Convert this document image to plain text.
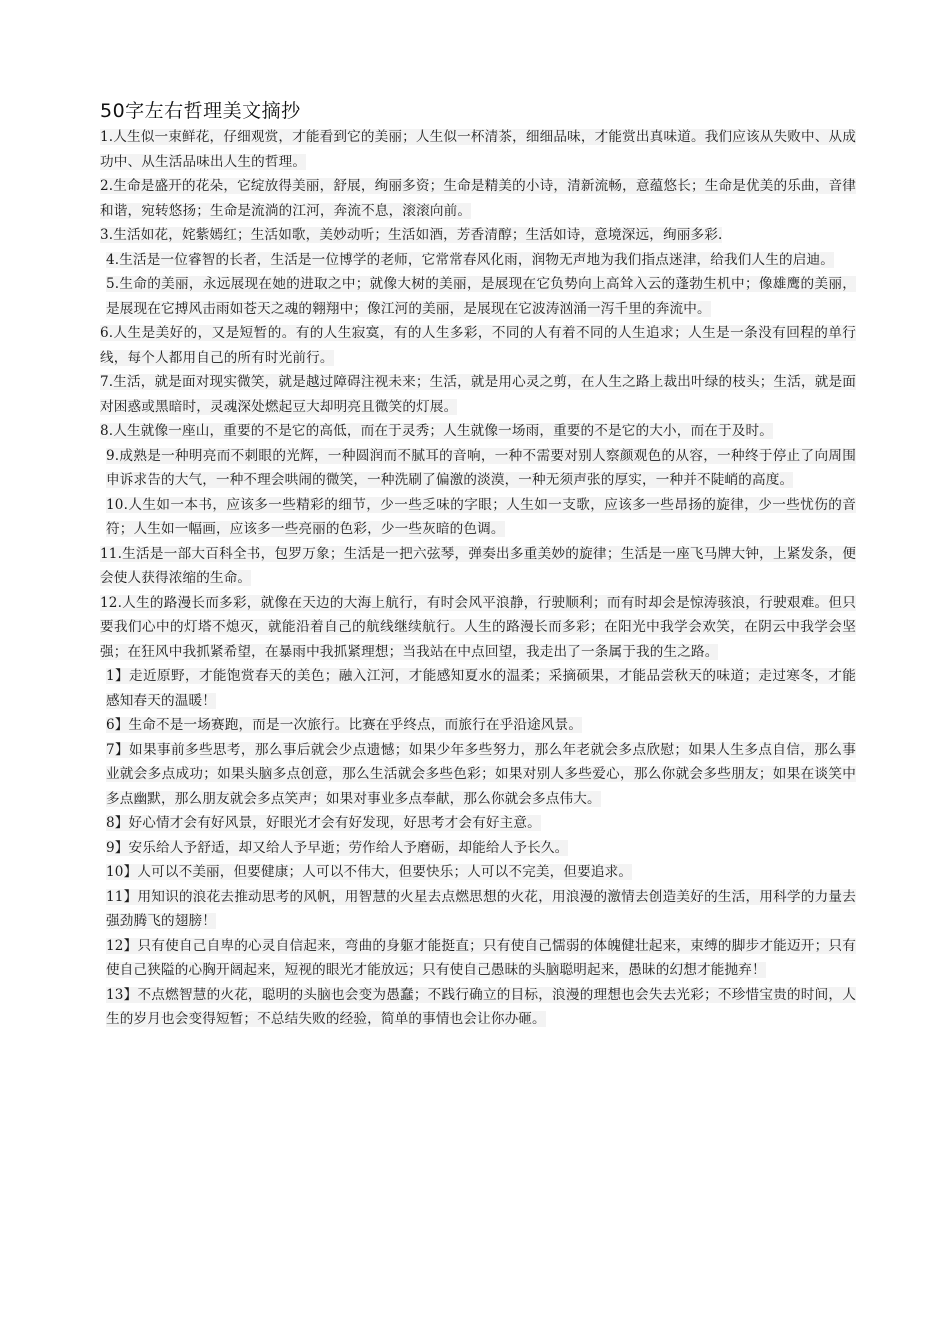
50字左右哲理美文摘抄

1.人生似一束鲜花，仔细观赏，才能看到它的美丽；人生似一杯清茶，细细品味，才能赏出真味道。我们应该从失败中、从成功中、从生活品味出人生的哲理。

2.生命是盛开的花朵，它绽放得美丽，舒展，绚丽多资；生命是精美的小诗，清新流畅，意蕴悠长；生命是优美的乐曲，音律和谐，宛转悠扬；生命是流淌的江河，奔流不息，滚滚向前。

3.生活如花，姹紫嫣红；生活如歌，美妙动听；生活如酒，芳香清醇；生活如诗，意境深远，绚丽多彩.

4.生活是一位睿智的长者，生活是一位博学的老师，它常常春风化雨，润物无声地为我们指点迷津，给我们人生的启迪。

5.生命的美丽，永远展现在她的进取之中；就像大树的美丽，是展现在它负势向上高耸入云的蓬勃生机中；像雄鹰的美丽，是展现在它搏风击雨如苍天之魂的翱翔中；像江河的美丽，是展现在它波涛汹涌一泻千里的奔流中。

6.人生是美好的，又是短暂的。有的人生寂寞，有的人生多彩，不同的人有着不同的人生追求；人生是一条没有回程的单行线，每个人都用自己的所有时光前行。

7.生活，就是面对现实微笑，就是越过障碍注视未来；生活，就是用心灵之剪，在人生之路上裁出叶绿的枝头；生活，就是面对困惑或黑暗时，灵魂深处燃起豆大却明亮且微笑的灯展。

8.人生就像一座山，重要的不是它的高低，而在于灵秀；人生就像一场雨，重要的不是它的大小，而在于及时。

9.成熟是一种明亮而不刺眼的光辉，一种圆润而不腻耳的音响，一种不需要对别人察颜观色的从容，一种终于停止了向周围申诉求告的大气，一种不理会哄闹的微笑，一种洗刷了偏激的淡漠，一种无须声张的厚实，一种并不陡峭的高度。

10.人生如一本书，应该多一些精彩的细节，少一些乏味的字眼；人生如一支歌，应该多一些昂扬的旋律，少一些忧伤的音符；人生如一幅画，应该多一些亮丽的色彩，少一些灰暗的色调。

11.生活是一部大百科全书，包罗万象；生活是一把六弦琴，弹奏出多重美妙的旋律；生活是一座飞马牌大钟，上紧发条，便会使人获得浓缩的生命。

12.人生的路漫长而多彩，就像在天边的大海上航行，有时会风平浪静，行驶顺利；而有时却会是惊涛骇浪，行驶艰难。但只要我们心中的灯塔不熄灭，就能沿着自己的航线继续航行。人生的路漫长而多彩；在阳光中我学会欢笑，在阴云中我学会坚强；在狂风中我抓紧希望，在暴雨中我抓紧理想；当我站在中点回望，我走出了一条属于我的生之路。

1】走近原野，才能饱赏春天的美色；融入江河，才能感知夏水的温柔；采摘硕果，才能品尝秋天的味道；走过寒冬，才能感知春天的温暖！

6】生命不是一场赛跑，而是一次旅行。比赛在乎终点，而旅行在乎沿途风景。

7】如果事前多些思考，那么事后就会少点遗憾；如果少年多些努力，那么年老就会多点欣慰；如果人生多点自信，那么事业就会多点成功；如果头脑多点创意，那么生活就会多些色彩；如果对别人多些爱心，那么你就会多些朋友；如果在谈笑中多点幽默，那么朋友就会多点笑声；如果对事业多点奉献，那么你就会多点伟大。

8】好心情才会有好风景，好眼光才会有好发现，好思考才会有好主意。

9】安乐给人予舒适，却又给人予早逝；劳作给人予磨砺，却能给人予长久。

10】人可以不美丽，但要健康；人可以不伟大，但要快乐；人可以不完美，但要追求。

11】用知识的浪花去推动思考的风帆，用智慧的火星去点燃思想的火花，用浪漫的激情去创造美好的生活，用科学的力量去强劲腾飞的翅膀！

12】只有使自己自卑的心灵自信起来，弯曲的身躯才能挺直；只有使自己懦弱的体魄健壮起来，束缚的脚步才能迈开；只有使自己狭隘的心胸开阔起来，短视的眼光才能放远；只有使自己愚昧的头脑聪明起来，愚昧的幻想才能抛弃！

13】不点燃智慧的火花，聪明的头脑也会变为愚蠢；不践行确立的目标，浪漫的理想也会失去光彩；不珍惜宝贵的时间，人生的岁月也会变得短暂；不总结失败的经验，简单的事情也会让你办砸。
